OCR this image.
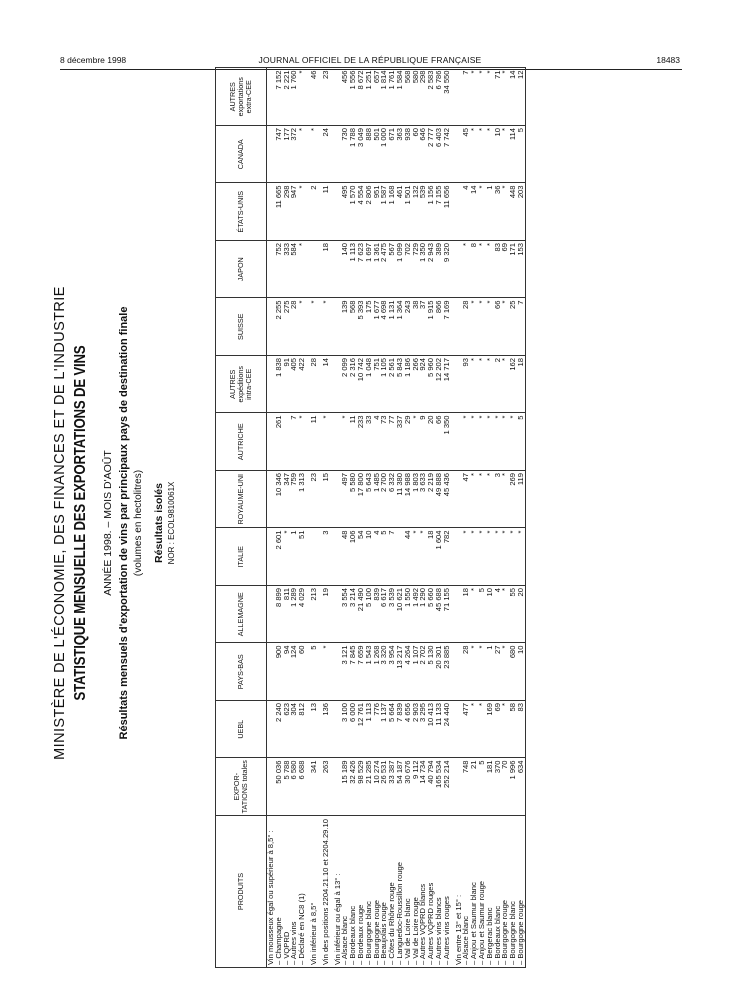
8 décembre 1998	JOURNAL OFFICIEL DE LA RÉPUBLIQUE FRANÇAISE	18483

MINISTÈRE DE L'ÉCONOMIE, DES FINANCES ET DE L'INDUSTRIE STATISTIQUE MENSUELLE DES EXPORTATIONS DE VINS ANNÉE 1998. – MOIS D'AOÛT Résultats mensuels d'exportation de vins par principaux pays de destination finale (volumes en hectolitres) Résultats isolés NOR : ECOL9810061X

PRODUITS	EXPOR-TATIONS totales	UEBL	PAYS-BAS	ALLEMAGNE	ITALIE	ROYAUME-UNI	AUTRICHE	AUTRES expéditions intra-CEE	SUISSE	JAPON	ÉTATS-UNIS	CANADA	AUTRES exportations extra-CEE
Vin mousseux égal ou supérieur à 8,5° :													
– Champagne	50 036	2 240	900	8 899	2 601	10 346	261	1 838	2 255	752	11 665	747	7 152
– VQPRD	5 788	623	94	811	*	347		91	275	333	298	177	2 221
– Autres vins	6 580	304	124	1 289	1	759	7	405	28	584	947	372	1 760
– Déclaré en NC8 (1)	6 688	812	60	4 029	51	1 313	*	422	*	*	*	*	*

Vin inférieur à 8,5°	341	13	5	213		23	11	28	*		2	*	46

Vin des positions 2204.21.10 et 2204.29.10	263	136	*	19	3	15	*	14	*	18	11	24	23

Vin inférieur ou égal à 13° :													
– Alsace blanc	15 189	3 100	3 121	3 554	48	497	*	2 099	139	140	495	730	456
– Bordeaux blanc	32 426	6 000	7 845	3 214	106	5 580	11	2 316	568	1 113	1 570	1 788	1 556
– Bordeaux rouge	98 529	12 761	7 659	21 490	54	17 800	233	10 742	5 393	7 623	4 554	3 049	8 672
– Bourgogne blanc	21 285	1 113	1 543	5 100	10	5 643	33	1 048	175	1 697	2 806	888	1 251
– Bourgogne rouge	10 274	776	1 268	839	4	1 485	4	751	1 677	1 361	951	501	657
– Beaujolais rouge	26 531	1 137	3 320	6 617	5	2 700	73	1 105	4 698	2 475	1 587	1 000	1 814
– Côtes du Rhône rouge	33 387	5 664	3 954	3 539	7	6 332	77	2 561	1 131	567	1 168	671	1 761
– Languedoc-Roussillon rouge	54 187	7 839	13 217	10 621		11 380	337	5 843	1 364	1 099	461	363	1 584
– Val de Loire blanc	30 676	4 656	4 264	1 550	44	14 988	29	1 186	243	702	1 501	938	568
– Val de Loire rouge	9 112	2 903	1 107	1 492	*	1 803	*	266	38	729	132	60	580
– Autres VQPRD blancs	14 734	3 295	2 702	1 290	*	3 633	9	924	37	1 350	539	646	298
– Autres VQPRD rouges	40 794	10 413	5 130	5 660	18	2 219	20	5 960	1 915	2 943	1 156	2 777	2 583
– Autres vins blancs	165 534	11 133	20 301	45 688	1 604	49 888	66	12 202	866	389	7 155	6 403	6 786
– Autres vins rouges	252 214	24 440	23 885	71 155	782	45 436	1 350	14 717	7 169	9 320	11 656	7 742	34 550

Vin entre 13° et 15° :													
– Alsace blanc	748	477	28	18	*	47	*	93	28	*	4	45	7
– Anjou et Saumur blanc	21	*	*	*	*	*	*	*	*	8	14	*	*
– Anjou et Saumur rouge	5	*	*	5	*	*	*	*	*	*	*	*	*
– Bergerac blanc	181	169	1	10	*	*	*	*	*	*	1	*	*
– Bordeaux blanc	370	69	27	4	*	3	*	2	66	83	36	10	71
– Bourgogne rouge	70	*	*	*	*	*	*	*	*	69	*	*	*
– Bourgogne blanc	1 996	58	680	55	*	269	*	162	25	171	448	114	14
– Bourgogne rouge	634	83	10	20	*	119	5	18	7	153	203	5	12
